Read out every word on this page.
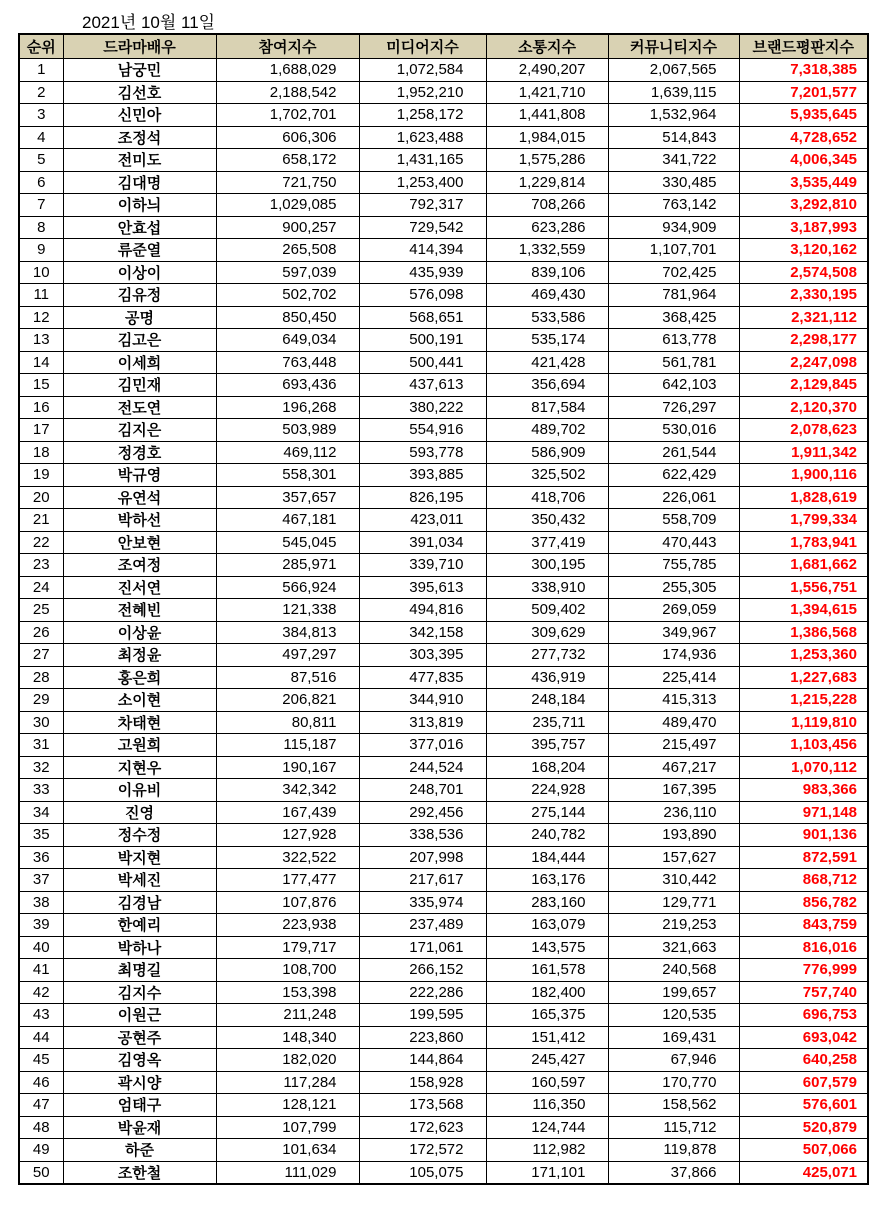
2021년 10월 11일
순위	드라마배우	참여지수	미디어지수	소통지수	커뮤니티지수	브랜드평판지수
1	남궁민	1,688,029	1,072,584	2,490,207	2,067,565	7,318,385
2	김선호	2,188,542	1,952,210	1,421,710	1,639,115	7,201,577
3	신민아	1,702,701	1,258,172	1,441,808	1,532,964	5,935,645
4	조정석	606,306	1,623,488	1,984,015	514,843	4,728,652
5	전미도	658,172	1,431,165	1,575,286	341,722	4,006,345
6	김대명	721,750	1,253,400	1,229,814	330,485	3,535,449
7	이하늬	1,029,085	792,317	708,266	763,142	3,292,810
8	안효섭	900,257	729,542	623,286	934,909	3,187,993
9	류준열	265,508	414,394	1,332,559	1,107,701	3,120,162
10	이상이	597,039	435,939	839,106	702,425	2,574,508
11	김유정	502,702	576,098	469,430	781,964	2,330,195
12	공명	850,450	568,651	533,586	368,425	2,321,112
13	김고은	649,034	500,191	535,174	613,778	2,298,177
14	이세희	763,448	500,441	421,428	561,781	2,247,098
15	김민재	693,436	437,613	356,694	642,103	2,129,845
16	전도연	196,268	380,222	817,584	726,297	2,120,370
17	김지은	503,989	554,916	489,702	530,016	2,078,623
18	정경호	469,112	593,778	586,909	261,544	1,911,342
19	박규영	558,301	393,885	325,502	622,429	1,900,116
20	유연석	357,657	826,195	418,706	226,061	1,828,619
21	박하선	467,181	423,011	350,432	558,709	1,799,334
22	안보현	545,045	391,034	377,419	470,443	1,783,941
23	조여정	285,971	339,710	300,195	755,785	1,681,662
24	진서연	566,924	395,613	338,910	255,305	1,556,751
25	전혜빈	121,338	494,816	509,402	269,059	1,394,615
26	이상윤	384,813	342,158	309,629	349,967	1,386,568
27	최정윤	497,297	303,395	277,732	174,936	1,253,360
28	홍은희	87,516	477,835	436,919	225,414	1,227,683
29	소이현	206,821	344,910	248,184	415,313	1,215,228
30	차태현	80,811	313,819	235,711	489,470	1,119,810
31	고원희	115,187	377,016	395,757	215,497	1,103,456
32	지현우	190,167	244,524	168,204	467,217	1,070,112
33	이유비	342,342	248,701	224,928	167,395	983,366
34	진영	167,439	292,456	275,144	236,110	971,148
35	정수정	127,928	338,536	240,782	193,890	901,136
36	박지현	322,522	207,998	184,444	157,627	872,591
37	박세진	177,477	217,617	163,176	310,442	868,712
38	김경남	107,876	335,974	283,160	129,771	856,782
39	한예리	223,938	237,489	163,079	219,253	843,759
40	박하나	179,717	171,061	143,575	321,663	816,016
41	최명길	108,700	266,152	161,578	240,568	776,999
42	김지수	153,398	222,286	182,400	199,657	757,740
43	이원근	211,248	199,595	165,375	120,535	696,753
44	공현주	148,340	223,860	151,412	169,431	693,042
45	김영옥	182,020	144,864	245,427	67,946	640,258
46	곽시양	117,284	158,928	160,597	170,770	607,579
47	엄태구	128,121	173,568	116,350	158,562	576,601
48	박윤재	107,799	172,623	124,744	115,712	520,879
49	하준	101,634	172,572	112,982	119,878	507,066
50	조한철	111,029	105,075	171,101	37,866	425,071
